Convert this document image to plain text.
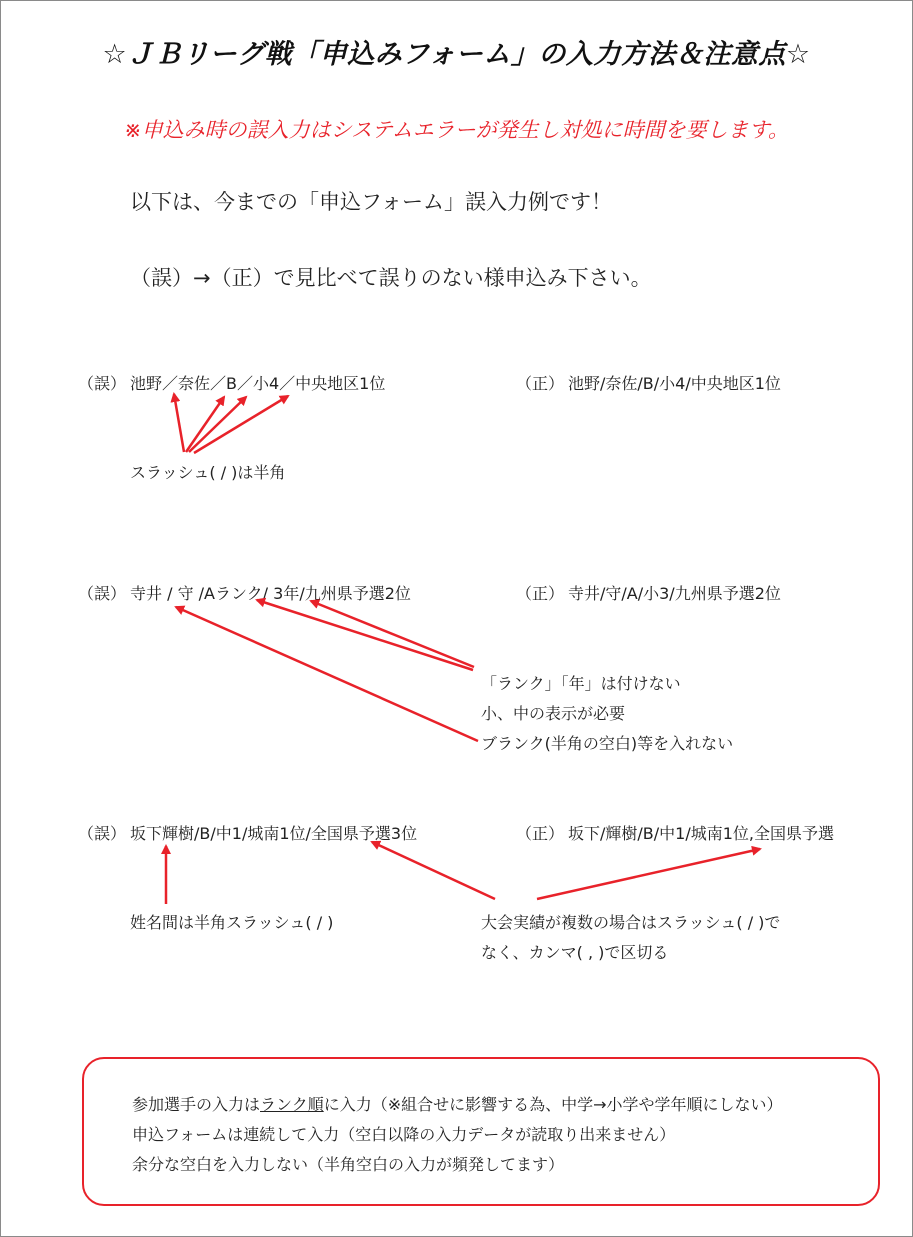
☆ＪＢリーグ戦「申込みフォーム」の入力方法＆注意点☆
※申込み時の誤入力はシステムエラーが発生し対処に時間を要します。
以下は、今までの「申込フォーム」誤入力例です！
（誤）→（正）で見比べて誤りのない様申込み下さい。
（誤） 池野／奈佐／B／小4／中央地区1位	（正） 池野/奈佐/B/小4/中央地区1位
スラッシュ( / )は半角
（誤） 寺井 / 守 /Aランク/ 3年/九州県予選2位	（正） 寺井/守/A/小3/九州県予選2位
「ランク」「年」は付けない
小、中の表示が必要
ブランク(半角の空白)等を入れない
（誤） 坂下輝樹/B/中1/城南1位/全国県予選3位	（正） 坂下/輝樹/B/中1/城南1位,全国県予選
姓名間は半角スラッシュ( / )	大会実績が複数の場合はスラッシュ( / )で
なく、カンマ( , )で区切る
参加選手の入力はランク順に入力（※組合せに影響する為、中学→小学や学年順にしない）
申込フォームは連続して入力（空白以降の入力データが読取り出来ません）
余分な空白を入力しない（半角空白の入力が頻発してます）
